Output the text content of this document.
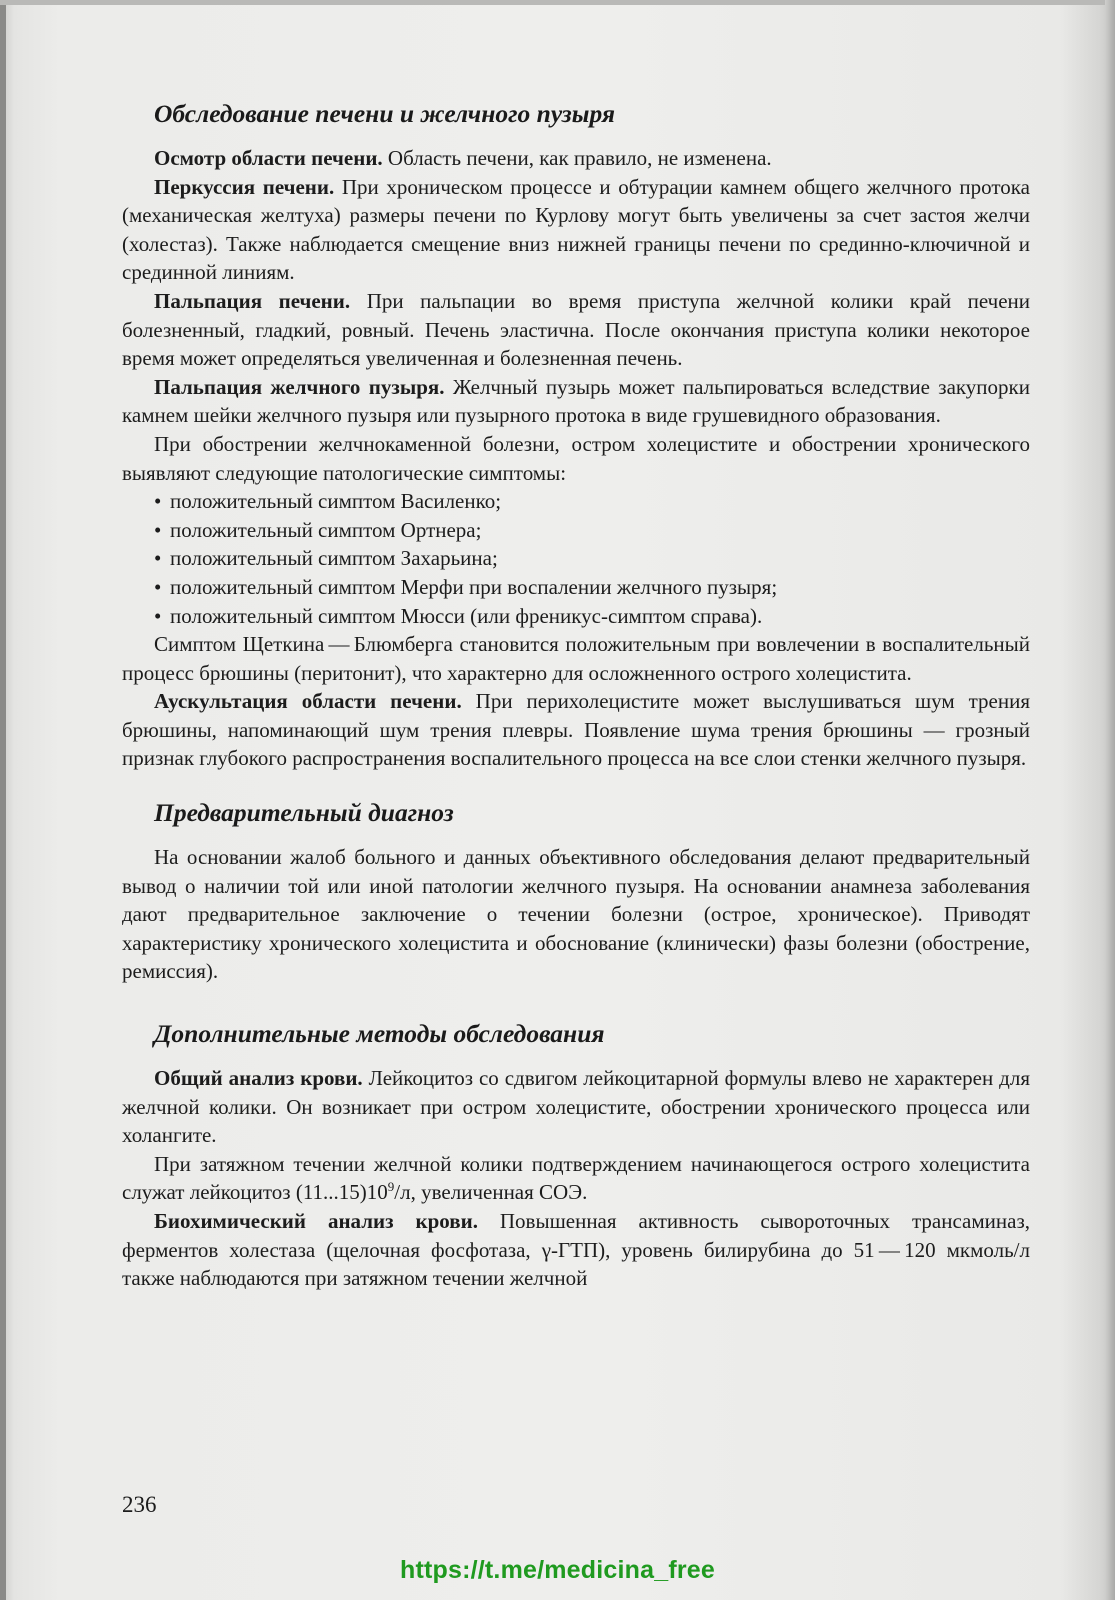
Обследование печени и желчного пузыря

Осмотр области печени. Область печени, как правило, не изменена.

Перкуссия печени. При хроническом процессе и обтурации камнем общего желчного протока (механическая желтуха) размеры печени по Курлову могут быть увеличены за счет застоя желчи (холестаз). Также наблюдается смещение вниз нижней границы печени по срединно-ключичной и срединной линиям.

Пальпация печени. При пальпации во время приступа желчной колики край печени болезненный, гладкий, ровный. Печень эластична. После окончания приступа колики некоторое время может определяться увеличенная и болезненная печень.

Пальпация желчного пузыря. Желчный пузырь может пальпироваться вследствие закупорки камнем шейки желчного пузыря или пузырного протока в виде грушевидного образования.

При обострении желчнокаменной болезни, остром холецистите и обострении хронического выявляют следующие патологические симптомы:

• положительный симптом Василенко;
• положительный симптом Ортнера;
• положительный симптом Захарьина;
• положительный симптом Мерфи при воспалении желчного пузыря;
• положительный симптом Мюсси (или френикус-симптом справа).

Симптом Щеткина — Блюмберга становится положительным при вовлечении в воспалительный процесс брюшины (перитонит), что характерно для осложненного острого холецистита.

Аускультация области печени. При перихолецистите может выслушиваться шум трения брюшины, напоминающий шум трения плевры. Появление шума трения брюшины — грозный признак глубокого распространения воспалительного процесса на все слои стенки желчного пузыря.

Предварительный диагноз

На основании жалоб больного и данных объективного обследования делают предварительный вывод о наличии той или иной патологии желчного пузыря. На основании анамнеза заболевания дают предварительное заключение о течении болезни (острое, хроническое). Приводят характеристику хронического холецистита и обоснование (клинически) фазы болезни (обострение, ремиссия).

Дополнительные методы обследования

Общий анализ крови. Лейкоцитоз со сдвигом лейкоцитарной формулы влево не характерен для желчной колики. Он возникает при остром холецистите, обострении хронического процесса или холангите.

При затяжном течении желчной колики подтверждением начинающегося острого холецистита служат лейкоцитоз $(11...15)10^9/л$, увеличенная СОЭ.

Биохимический анализ крови. Повышенная активность сывороточных трансаминаз, ферментов холестаза (щелочная фосфотаза, γ-ГТП), уровень билирубина до 51 — 120 мкмоль/л также наблюдаются при затяжном течении желчной

236
https://t.me/medicina_free
